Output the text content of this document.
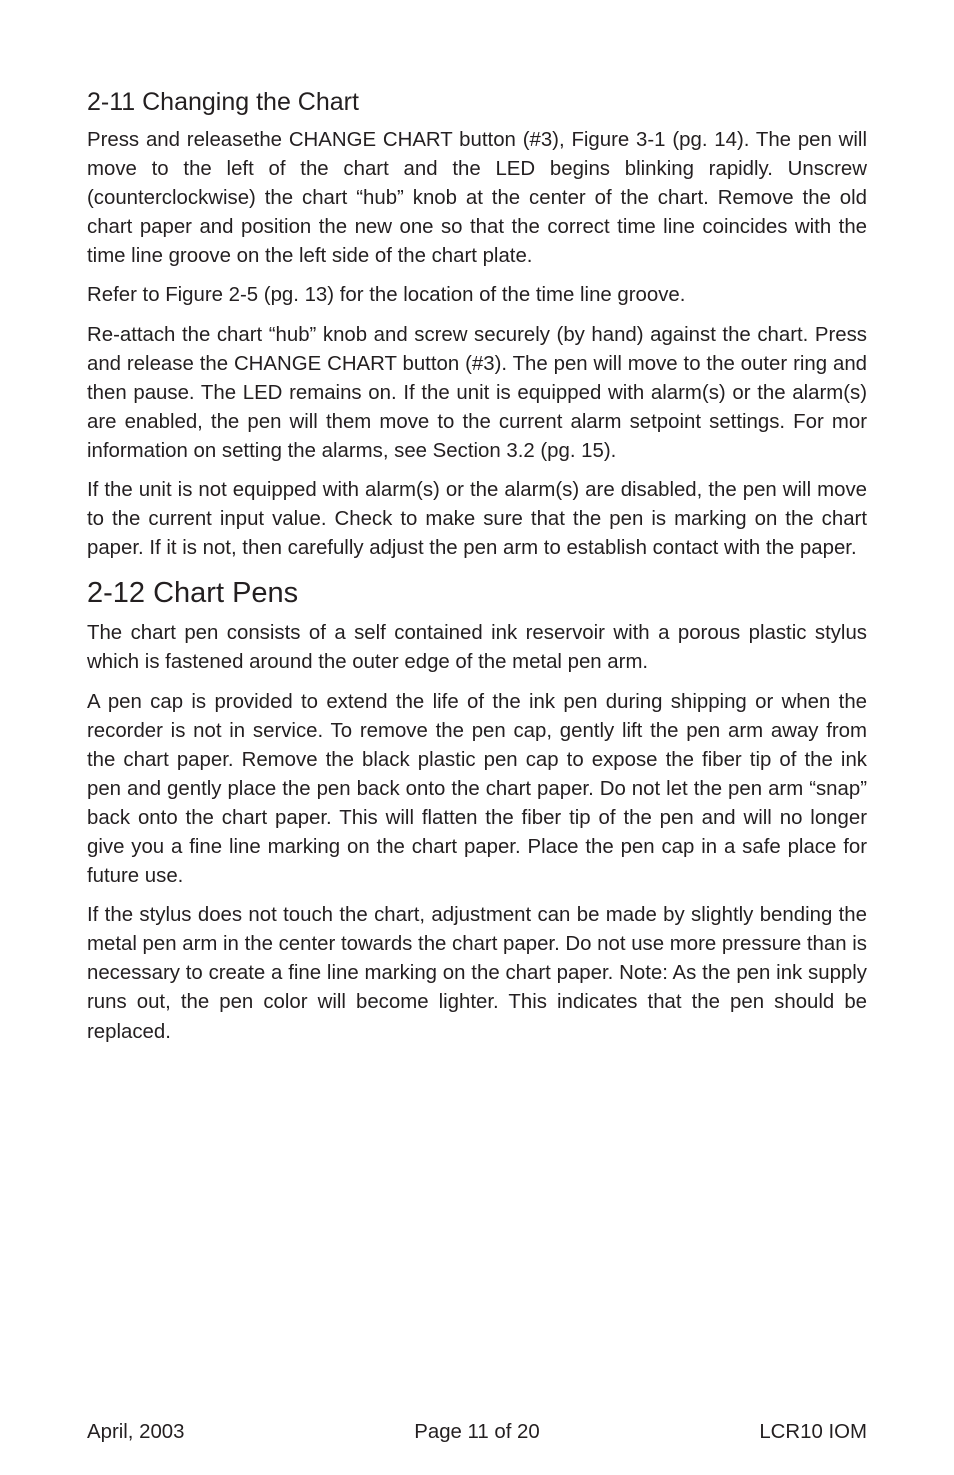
2-11 Changing the Chart

Press and releasethe CHANGE CHART button (#3), Figure 3-1 (pg. 14). The pen will move to the left of the chart and the LED begins blinking rapidly. Unscrew (counterclockwise) the chart “hub” knob at the center of the chart. Remove the old chart paper and position the new one so that the correct time line coincides with the time line groove on the left side of the chart plate.

Refer to Figure 2-5 (pg. 13) for the location of the time line groove.

Re-attach the chart “hub” knob and screw securely (by hand) against the chart. Press and release the CHANGE CHART button (#3). The pen will move to the outer ring and then pause. The LED remains on. If the unit is equipped with alarm(s) or the alarm(s) are enabled, the pen will them move to the current alarm setpoint settings. For mor information on setting the alarms, see Section 3.2 (pg. 15).

If the unit is not equipped with alarm(s) or the alarm(s) are disabled, the pen will move to the current input value. Check to make sure that the pen is marking on the chart paper. If it is not, then carefully adjust the pen arm to establish contact with the paper.

2-12 Chart Pens

The chart pen consists of a self contained ink reservoir with a porous plastic stylus which is fastened around the outer edge of the metal pen arm.

A pen cap is provided to extend the life of the ink pen during shipping or when the recorder is not in service. To remove the pen cap, gently lift the pen arm away from the chart paper. Remove the black plastic pen cap to expose the fiber tip of the ink pen and gently place the pen back onto the chart paper. Do not let the pen arm “snap” back onto the chart paper. This will flatten the fiber tip of the pen and will no longer give you a fine line marking on the chart paper. Place the pen cap in a safe place for future use.

If the stylus does not touch the chart, adjustment can be made by slightly bending the metal pen arm in the center towards the chart paper. Do not use more pressure than is necessary to create a fine line marking on the chart paper. Note: As the pen ink supply runs out, the pen color will become lighter. This indicates that the pen should be replaced.

April, 2003	Page 11 of 20	LCR10 IOM
